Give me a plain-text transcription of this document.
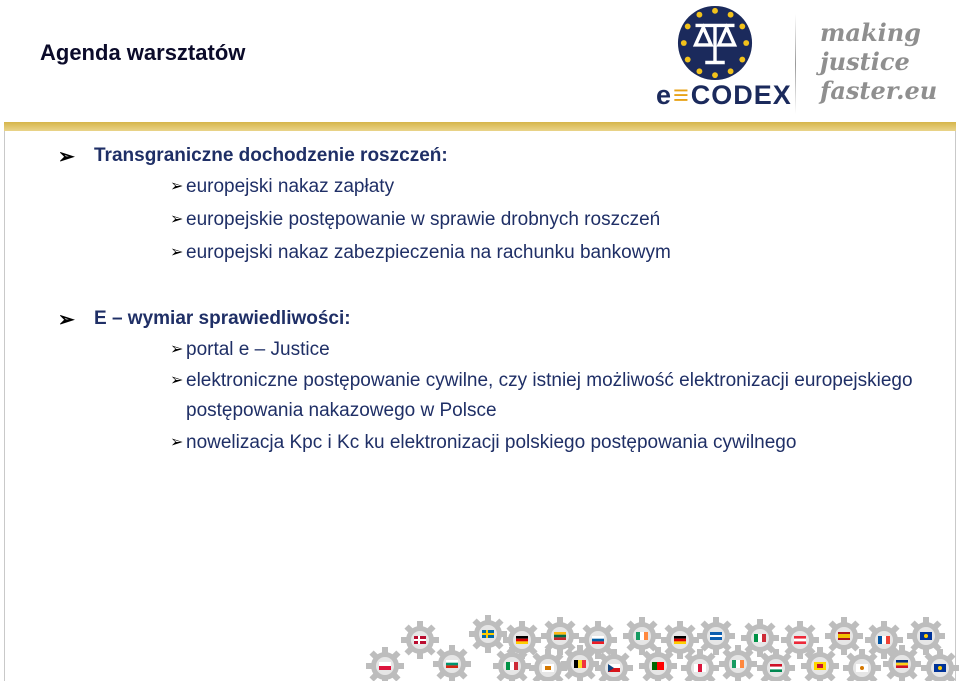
Agenda warsztatów
e≡CODEX
making
justice
faster.eu
➢	Transgraniczne dochodzenie roszczeń:
➢ europejski nakaz zapłaty
➢ europejskie postępowanie w sprawie drobnych roszczeń
➢ europejski nakaz zabezpieczenia na rachunku bankowym
➢	E – wymiar sprawiedliwości:
➢ portal e – Justice
➢ elektroniczne postępowanie cywilne, czy istniej możliwość elektronizacji europejskiego postępowania nakazowego w Polsce
➢ nowelizacja Kpc i Kc ku elektronizacji polskiego postępowania cywilnego
